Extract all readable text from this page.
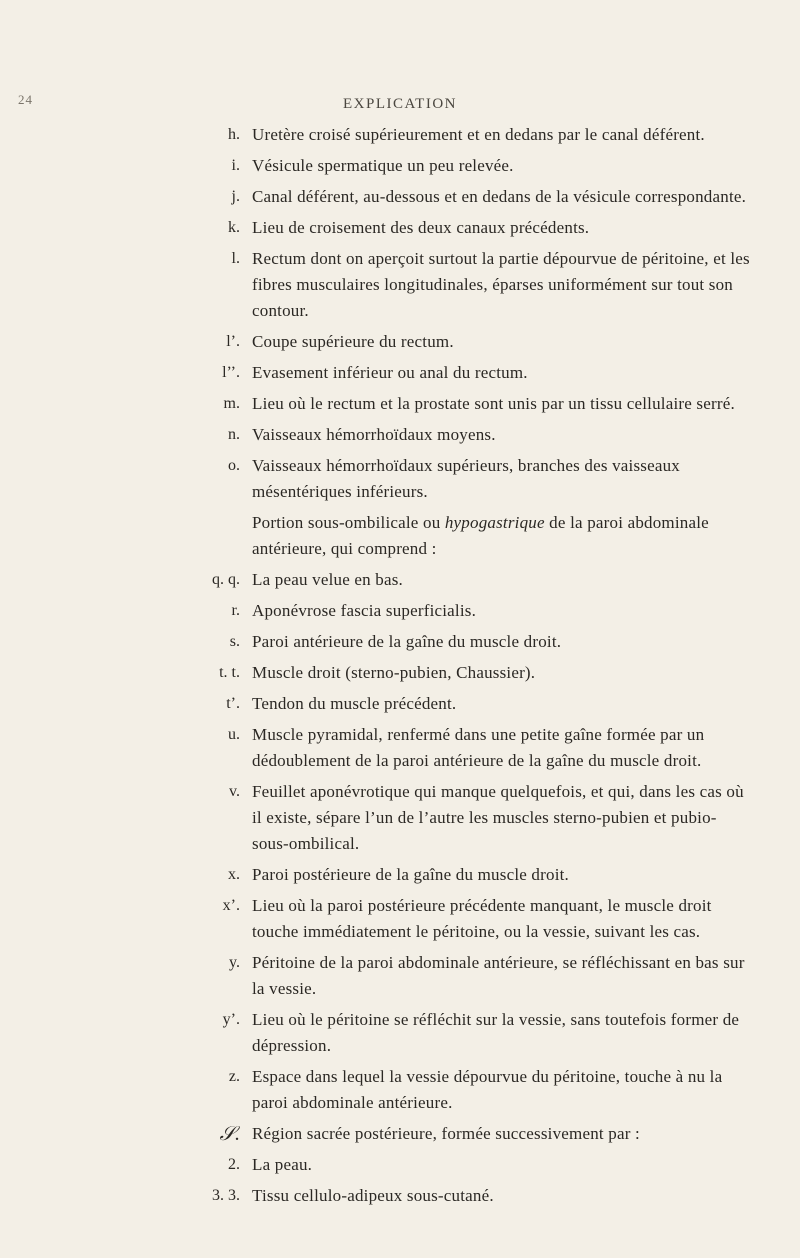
24	EXPLICATION
h. Uretère croisé supérieurement et en dedans par le canal déférent.
i. Vésicule spermatique un peu relevée.
j. Canal déférent, au-dessous et en dedans de la vésicule correspondante.
k. Lieu de croisement des deux canaux précédents.
l. Rectum dont on aperçoit surtout la partie dépourvue de péritoine, et les fibres musculaires longitudinales, éparses uniformément sur tout son contour.
l’. Coupe supérieure du rectum.
l’’. Evasement inférieur ou anal du rectum.
m. Lieu où le rectum et la prostate sont unis par un tissu cellulaire serré.
n. Vaisseaux hémorrhoïdaux moyens.
o. Vaisseaux hémorrhoïdaux supérieurs, branches des vaisseaux mésentériques inférieurs.
Portion sous-ombilicale ou hypogastrique de la paroi abdominale antérieure, qui comprend :
q. q. La peau velue en bas.
r. Aponévrose fascia superficialis.
s. Paroi antérieure de la gaîne du muscle droit.
t. t. Muscle droit (sterno-pubien, Chaussier).
t’. Tendon du muscle précédent.
u. Muscle pyramidal, renfermé dans une petite gaîne formée par un dédoublement de la paroi antérieure de la gaîne du muscle droit.
v. Feuillet aponévrotique qui manque quelquefois, et qui, dans les cas où il existe, sépare l’un de l’autre les muscles sterno-pubien et pubio-sous-ombilical.
x. Paroi postérieure de la gaîne du muscle droit.
x’. Lieu où la paroi postérieure précédente manquant, le muscle droit touche immédiatement le péritoine, ou la vessie, suivant les cas.
y. Péritoine de la paroi abdominale antérieure, se réfléchissant en bas sur la vessie.
y’. Lieu où le péritoine se réfléchit sur la vessie, sans toutefois former de dépression.
z. Espace dans lequel la vessie dépourvue du péritoine, touche à nu la paroi abdominale antérieure.
𝒮. Région sacrée postérieure, formée successivement par :
2. La peau.
3. 3. Tissu cellulo-adipeux sous-cutané.
